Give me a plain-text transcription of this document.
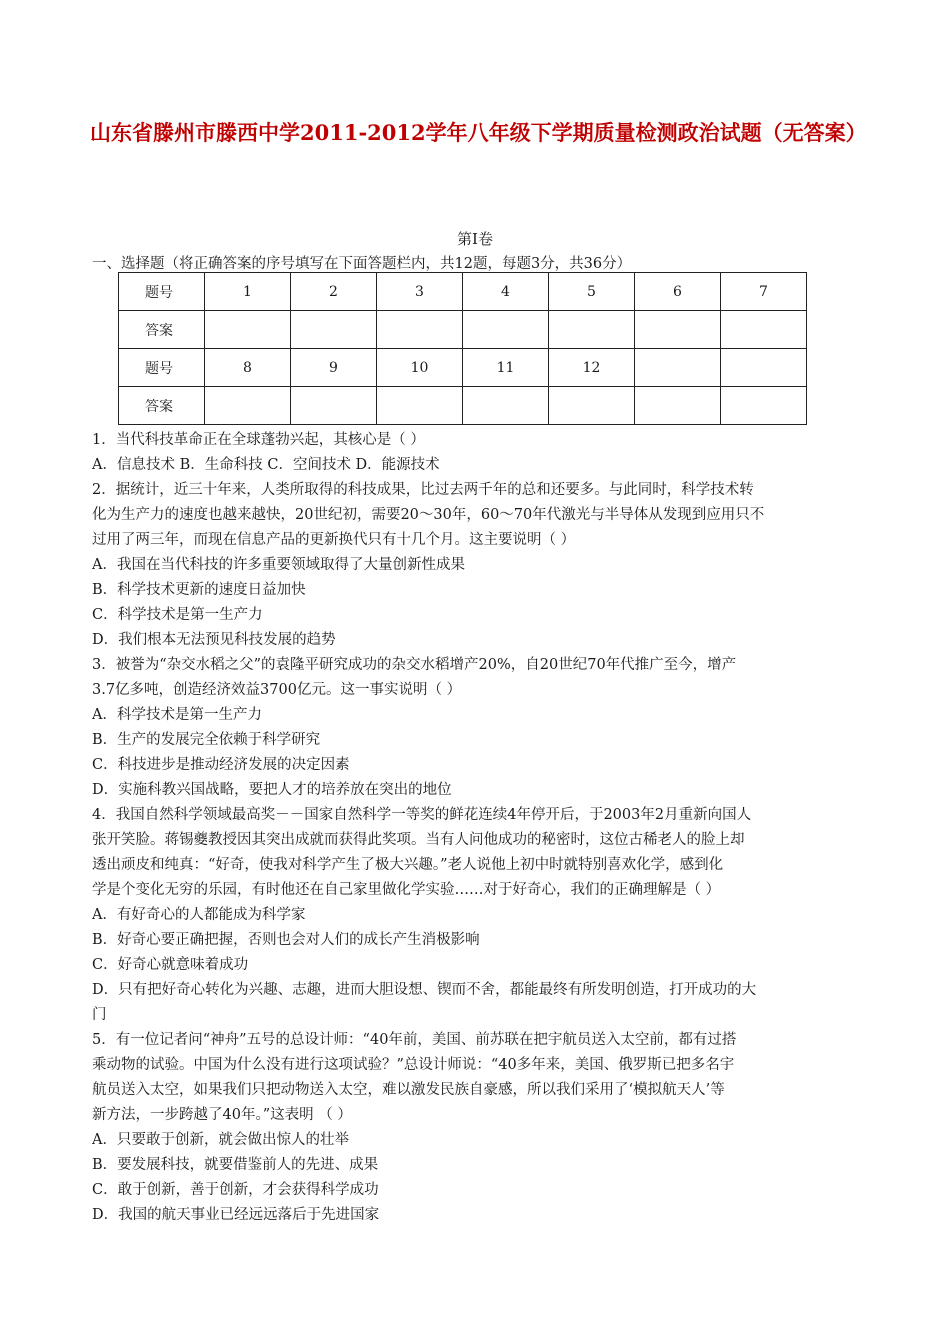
山东省滕州市滕西中学2011-2012学年八年级下学期质量检测政治试题（无答案）
第Ⅰ卷
一、选择题（将正确答案的序号填写在下面答题栏内，共12题，每题3分，共36分）
题号	1	2	3	4	5	6	7
答案							
题号	8	9	10	11	12		
答案							
1．当代科技革命正在全球蓬勃兴起，其核心是（ ）
A．信息技术 B．生命科技 C．空间技术 D．能源技术
2．据统计，近三十年来，人类所取得的科技成果，比过去两千年的总和还要多。与此同时，科学技术转
化为生产力的速度也越来越快，20世纪初，需要20～30年，60～70年代激光与半导体从发现到应用只不
过用了两三年，而现在信息产品的更新换代只有十几个月。这主要说明（ ）
A．我国在当代科技的许多重要领域取得了大量创新性成果
B．科学技术更新的速度日益加快
C．科学技术是第一生产力
D．我们根本无法预见科技发展的趋势
3．被誉为“杂交水稻之父”的袁隆平研究成功的杂交水稻增产20%，自20世纪70年代推广至今，增产
3.7亿多吨，创造经济效益3700亿元。这一事实说明（ ）
A．科学技术是第一生产力
B．生产的发展完全依赖于科学研究
C．科技进步是推动经济发展的决定因素
D．实施科教兴国战略，要把人才的培养放在突出的地位
4．我国自然科学领域最高奖－－国家自然科学一等奖的鲜花连续4年停开后，于2003年2月重新向国人
张开笑脸。蒋锡夔教授因其突出成就而获得此奖项。当有人问他成功的秘密时，这位古稀老人的脸上却
透出顽皮和纯真：“好奇，使我对科学产生了极大兴趣。”老人说他上初中时就特别喜欢化学，感到化
学是个变化无穷的乐园，有时他还在自己家里做化学实验……对于好奇心，我们的正确理解是（ ）
A．有好奇心的人都能成为科学家
B．好奇心要正确把握，否则也会对人们的成长产生消极影响
C．好奇心就意味着成功
D．只有把好奇心转化为兴趣、志趣，进而大胆设想、锲而不舍，都能最终有所发明创造，打开成功的大
门
5．有一位记者问“神舟”五号的总设计师：“40年前，美国、前苏联在把宇航员送入太空前，都有过搭
乘动物的试验。中国为什么没有进行这项试验？”总设计师说：“40多年来，美国、俄罗斯已把多名宇
航员送入太空，如果我们只把动物送入太空，难以激发民族自豪感，所以我们采用了‘模拟航天人’等
新方法，一步跨越了40年。”这表明 （ ）
A．只要敢于创新，就会做出惊人的壮举
B．要发展科技，就要借鉴前人的先进、成果
C．敢于创新，善于创新，才会获得科学成功
D．我国的航天事业已经远远落后于先进国家
